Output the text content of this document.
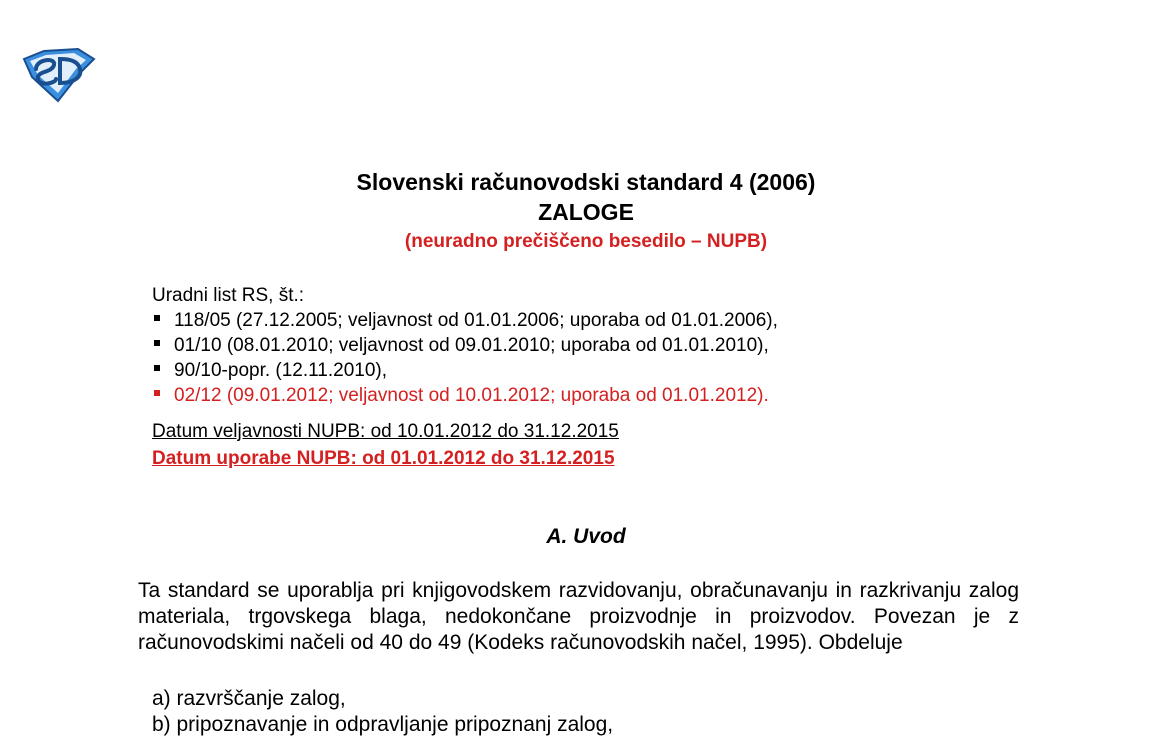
Slovenski računovodski standard 4 (2006)
ZALOGE
(neuradno prečiščeno besedilo – NUPB)
Uradni list RS, št.:
118/05 (27.12.2005; veljavnost od 01.01.2006; uporaba od 01.01.2006),
01/10 (08.01.2010; veljavnost od 09.01.2010; uporaba od 01.01.2010),
90/10-popr. (12.11.2010),
02/12 (09.01.2012; veljavnost od 10.01.2012; uporaba od 01.01.2012).
Datum veljavnosti NUPB: od 10.01.2012 do 31.12.2015
Datum uporabe NUPB: od 01.01.2012 do 31.12.2015
A. Uvod
Ta standard se uporablja pri knjigovodskem razvidovanju, obračunavanju in razkrivanju zalog materiala, trgovskega blaga, nedokončane proizvodnje in proizvodov. Povezan je z računovodskimi načeli od 40 do 49 (Kodeks računovodskih načel, 1995). Obdeluje
a) razvrščanje zalog,
b) pripoznavanje in odpravljanje pripoznanj zalog,
